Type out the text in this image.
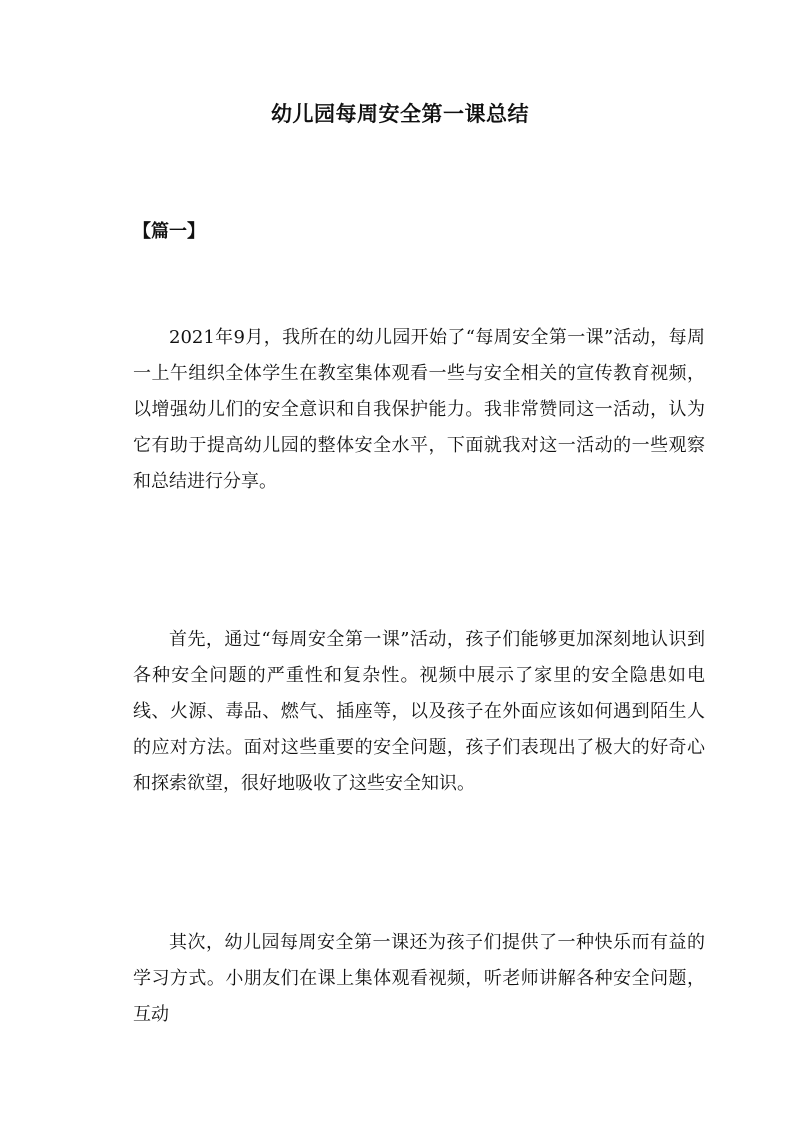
幼儿园每周安全第一课总结
【篇一】

2021年9月，我所在的幼儿园开始了“每周安全第一课”活动，每周一上午组织全体学生在教室集体观看一些与安全相关的宣传教育视频，以增强幼儿们的安全意识和自我保护能力。我非常赞同这一活动，认为它有助于提高幼儿园的整体安全水平，下面就我对这一活动的一些观察和总结进行分享。

首先，通过“每周安全第一课”活动，孩子们能够更加深刻地认识到各种安全问题的严重性和复杂性。视频中展示了家里的安全隐患如电线、火源、毒品、燃气、插座等，以及孩子在外面应该如何遇到陌生人的应对方法。面对这些重要的安全问题，孩子们表现出了极大的好奇心和探索欲望，很好地吸收了这些安全知识。

其次，幼儿园每周安全第一课还为孩子们提供了一种快乐而有益的学习方式。小朋友们在课上集体观看视频，听老师讲解各种安全问题，互动
